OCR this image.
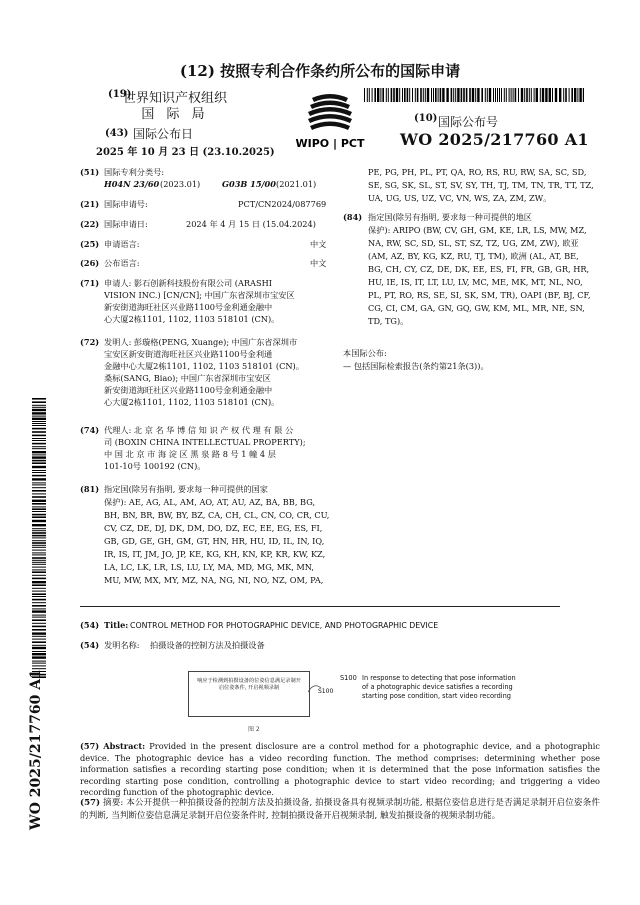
(12) 按照专利合作条约所公布的国际申请
(19)
世界知识产权组织
国 际 局
(43) 国际公布日
2025 年 10 月 23 日 (23.10.2025)
WIPO | PCT
(10) 国际公布号
WO 2025/217760 A1
WO 2025/217760 A1
(51) 国际专利分类号:
H04N 23/60 (2023.01)	G03B 15/00 (2021.01)
(21) 国际申请号:	PCT/CN2024/087769
(22) 国际申请日:	2024 年 4 月 15 日 (15.04.2024)
(25) 申请语言:	中文
(26) 公布语言:	中文
(71) 申请人: 影石创新科技股份有限公司 (ARASHI
VISION INC.) [CN/CN]; 中国广东省深圳市宝安区
新安街道海旺社区兴业路1100号金利通金融中
心大厦2栋1101, 1102, 1103 518101 (CN)。
(72) 发明人: 彭璇格(PENG, Xuange); 中国广东省深圳市
宝安区新安街道海旺社区兴业路1100号金利通
金融中心大厦2栋1101, 1102, 1103 518101 (CN)。
桑标(SANG, Biao); 中国广东省深圳市宝安区
新安街道海旺社区兴业路1100号金利通金融中
心大厦2栋1101, 1102, 1103 518101 (CN)。
(74) 代理人: 北 京 名 华 博 信 知 识 产 权 代 理 有 限 公
司 (BOXIN CHINA INTELLECTUAL PROPERTY);
中 国 北 京 市 海 淀 区 黑 泉 路 8 号 1 幢 4 层
101-10号 100192 (CN)。
(81) 指定国(除另有指明, 要求每一种可提供的国家
保护): AE, AG, AL, AM, AO, AT, AU, AZ, BA, BB, BG,
BH, BN, BR, BW, BY, BZ, CA, CH, CL, CN, CO, CR, CU,
CV, CZ, DE, DJ, DK, DM, DO, DZ, EC, EE, EG, ES, FI,
GB, GD, GE, GH, GM, GT, HN, HR, HU, ID, IL, IN, IQ,
IR, IS, IT, JM, JO, JP, KE, KG, KH, KN, KP, KR, KW, KZ,
LA, LC, LK, LR, LS, LU, LY, MA, MD, MG, MK, MN,
MU, MW, MX, MY, MZ, NA, NG, NI, NO, NZ, OM, PA,
PE, PG, PH, PL, PT, QA, RO, RS, RU, RW, SA, SC, SD,
SE, SG, SK, SL, ST, SV, SY, TH, TJ, TM, TN, TR, TT, TZ,
UA, UG, US, UZ, VC, VN, WS, ZA, ZM, ZW。
(84) 指定国(除另有指明, 要求每一种可提供的地区
保护): ARIPO (BW, CV, GH, GM, KE, LR, LS, MW, MZ,
NA, RW, SC, SD, SL, ST, SZ, TZ, UG, ZM, ZW), 欧亚
(AM, AZ, BY, KG, KZ, RU, TJ, TM), 欧洲 (AL, AT, BE,
BG, CH, CY, CZ, DE, DK, EE, ES, FI, FR, GB, GR, HR,
HU, IE, IS, IT, LT, LU, LV, MC, ME, MK, MT, NL, NO,
PL, PT, RO, RS, SE, SI, SK, SM, TR), OAPI (BF, BJ, CF,
CG, CI, CM, GA, GN, GQ, GW, KM, ML, MR, NE, SN,
TD, TG)。
本国际公布:
— 包括国际检索报告(条约第21条(3))。
(54) Title: CONTROL METHOD FOR PHOTOGRAPHIC DEVICE, AND PHOTOGRAPHIC DEVICE
(54) 发明名称: 拍摄设备的控制方法及拍摄设备
响应于检测到拍摄设备的位姿信息满足录制开启位姿条件, 开启视频录制	S100
图 2
S100 In response to detecting that pose information of a photographic device satisfies a recording starting pose condition, start video recording
(57) Abstract: Provided in the present disclosure are a control method for a photographic device, and a photographic device. The photographic device has a video recording function. The method comprises: determining whether pose information satisfies a recording starting pose condition; when it is determined that the pose information satisfies the recording starting pose condition, controlling a photographic device to start video recording; and triggering a video recording function of the photographic device.
(57) 摘要: 本公开提供一种拍摄设备的控制方法及拍摄设备, 拍摄设备具有视频录制功能, 根据位姿信息进行是否满足录制开启位姿条件的判断, 当判断位姿信息满足录制开启位姿条件时, 控制拍摄设备开启视频录制, 触发拍摄设备的视频录制功能。
